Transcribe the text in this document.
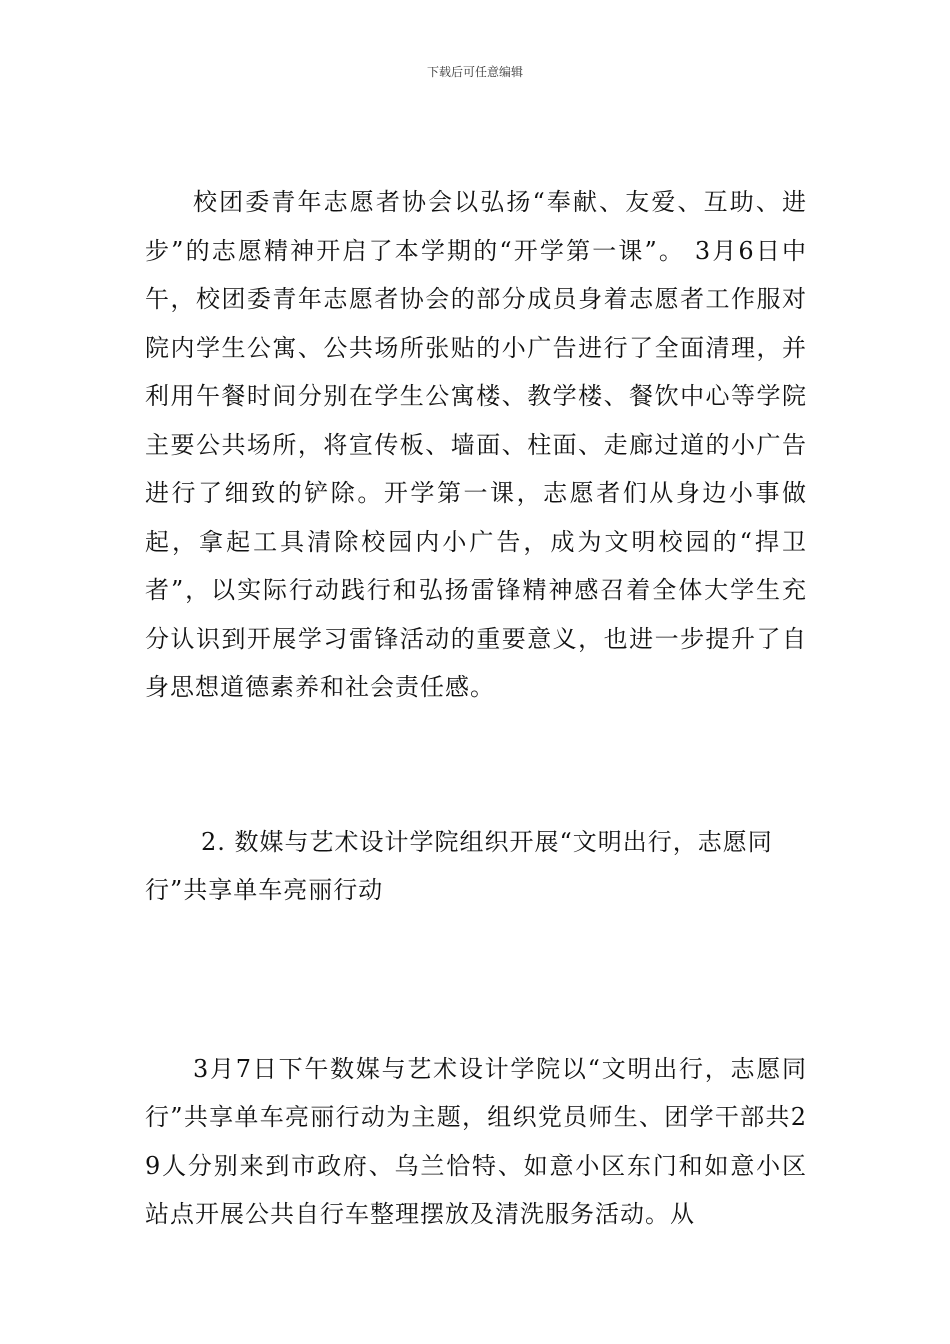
下载后可任意编辑

校团委青年志愿者协会以弘扬“奉献、友爱、互助、进步”的志愿精神开启了本学期的“开学第一课”。 3月6日中午，校团委青年志愿者协会的部分成员身着志愿者工作服对院内学生公寓、公共场所张贴的小广告进行了全面清理，并利用午餐时间分别在学生公寓楼、教学楼、餐饮中心等学院主要公共场所，将宣传板、墙面、柱面、走廊过道的小广告进行了细致的铲除。开学第一课，志愿者们从身边小事做起，拿起工具清除校园内小广告，成为文明校园的“捍卫者”，以实际行动践行和弘扬雷锋精神感召着全体大学生充分认识到开展学习雷锋活动的重要意义，也进一步提升了自身思想道德素养和社会责任感。

2. 数媒与艺术设计学院组织开展“文明出行，志愿同行”共享单车亮丽行动

3月7日下午数媒与艺术设计学院以“文明出行，志愿同行”共享单车亮丽行动为主题，组织党员师生、团学干部共29人分别来到市政府、乌兰恰特、如意小区东门和如意小区站点开展公共自行车整理摆放及清洗服务活动。从
